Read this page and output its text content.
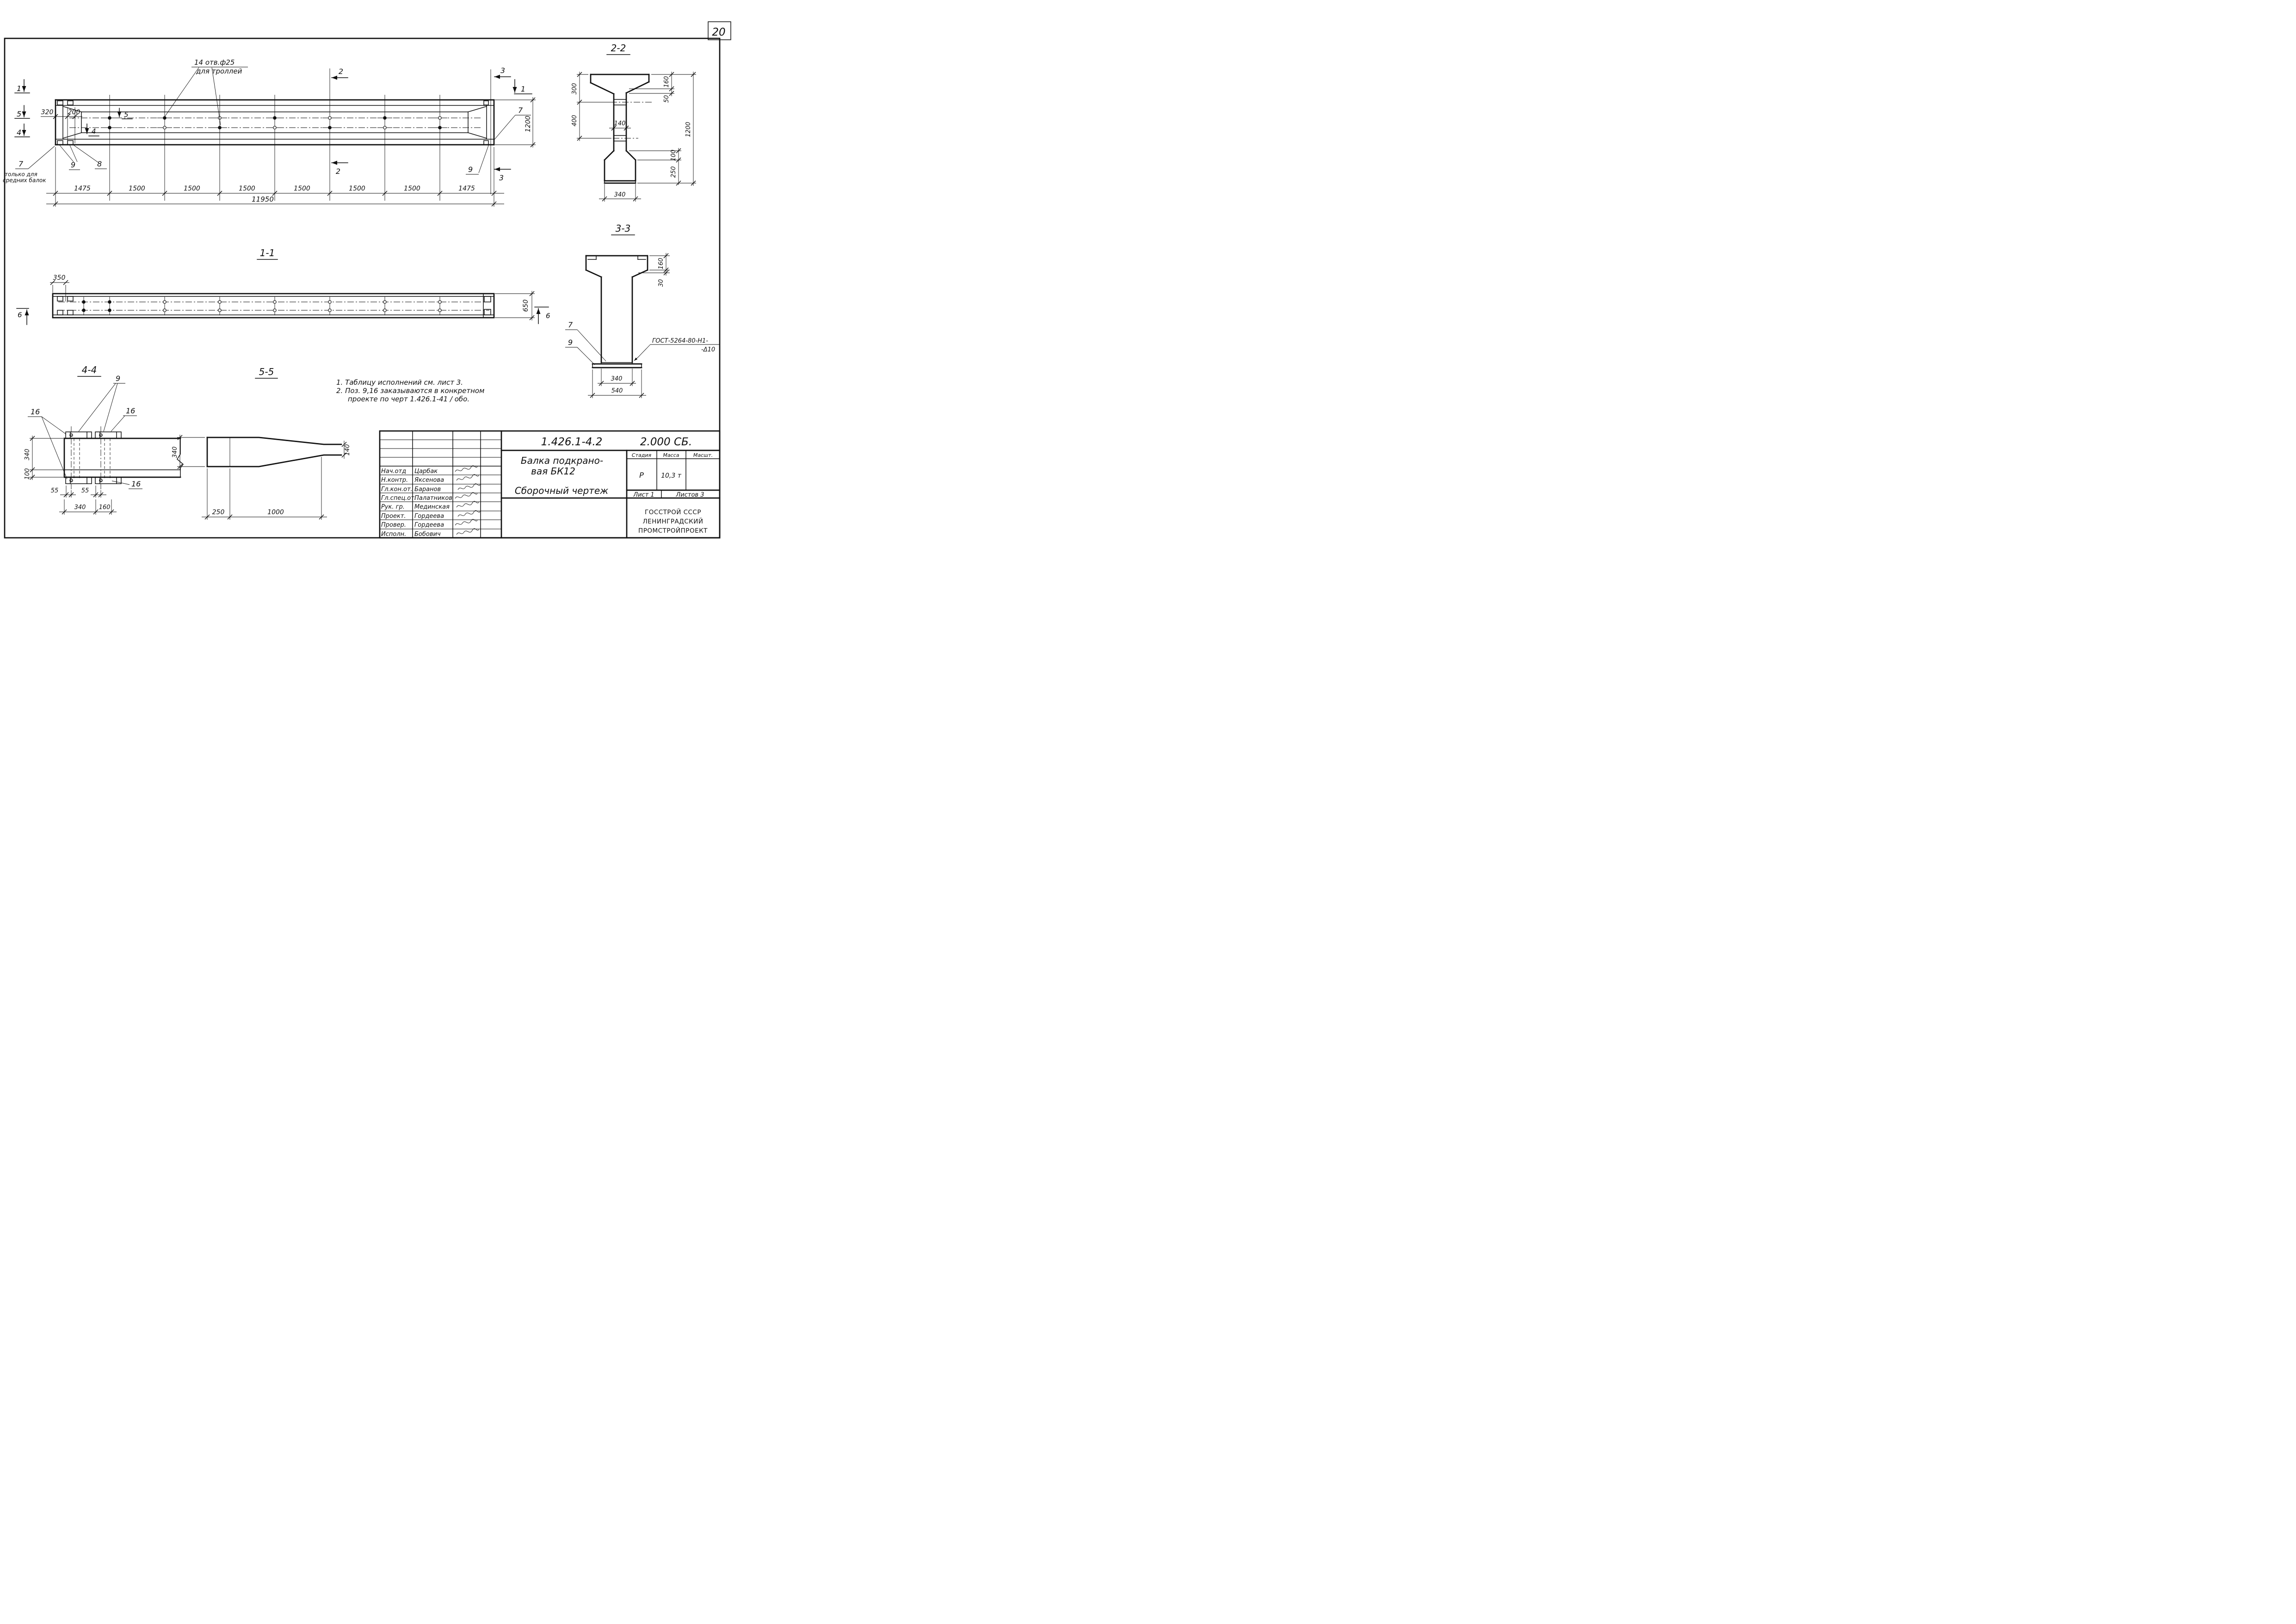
20
14 отв.ф25
для троллей
1
5
4
5
4
2
2
3
3
1
7
только для
средних балок
9	8
7
9
320 200
1200
1475	1500	1500	1500	1500	1500	1500	1475
11950
1-1
350
650
6	6
2-2
300
400
160
50
140
100
250
1200
340
3-3
7
9	ГОСТ-5264-80-Н1-
-Δ10
160
30
340
540
4-4
9
16	16
16
340
100
55	55
340 160
5-5
340	140
250	1000
1. Таблицу исполнений см. лист 3.
2. Поз. 9,16 заказываются в конкретном
проекте по черт 1.426.1-41 / обо.
Нач.отд Царбак
Н.контр. Яксенова
Гл.кон.от. Баранов
Гл.спец.от.
Палатников
Рук. гр. Мединская
Проект. Гордеева
Провер. Гордеева
Исполн. Бобович
1.426.1-4.2	2.000 СБ.
Балка подкрано-
вая БК12
Сборочный чертеж
Стадия Масса	Масшт.
Р	10,3 т
Лист 1	Листов 3
ГОССТРОЙ СССР
ЛЕНИНГРАДСКИЙ
ПРОМСТРОЙПРОЕКТ
